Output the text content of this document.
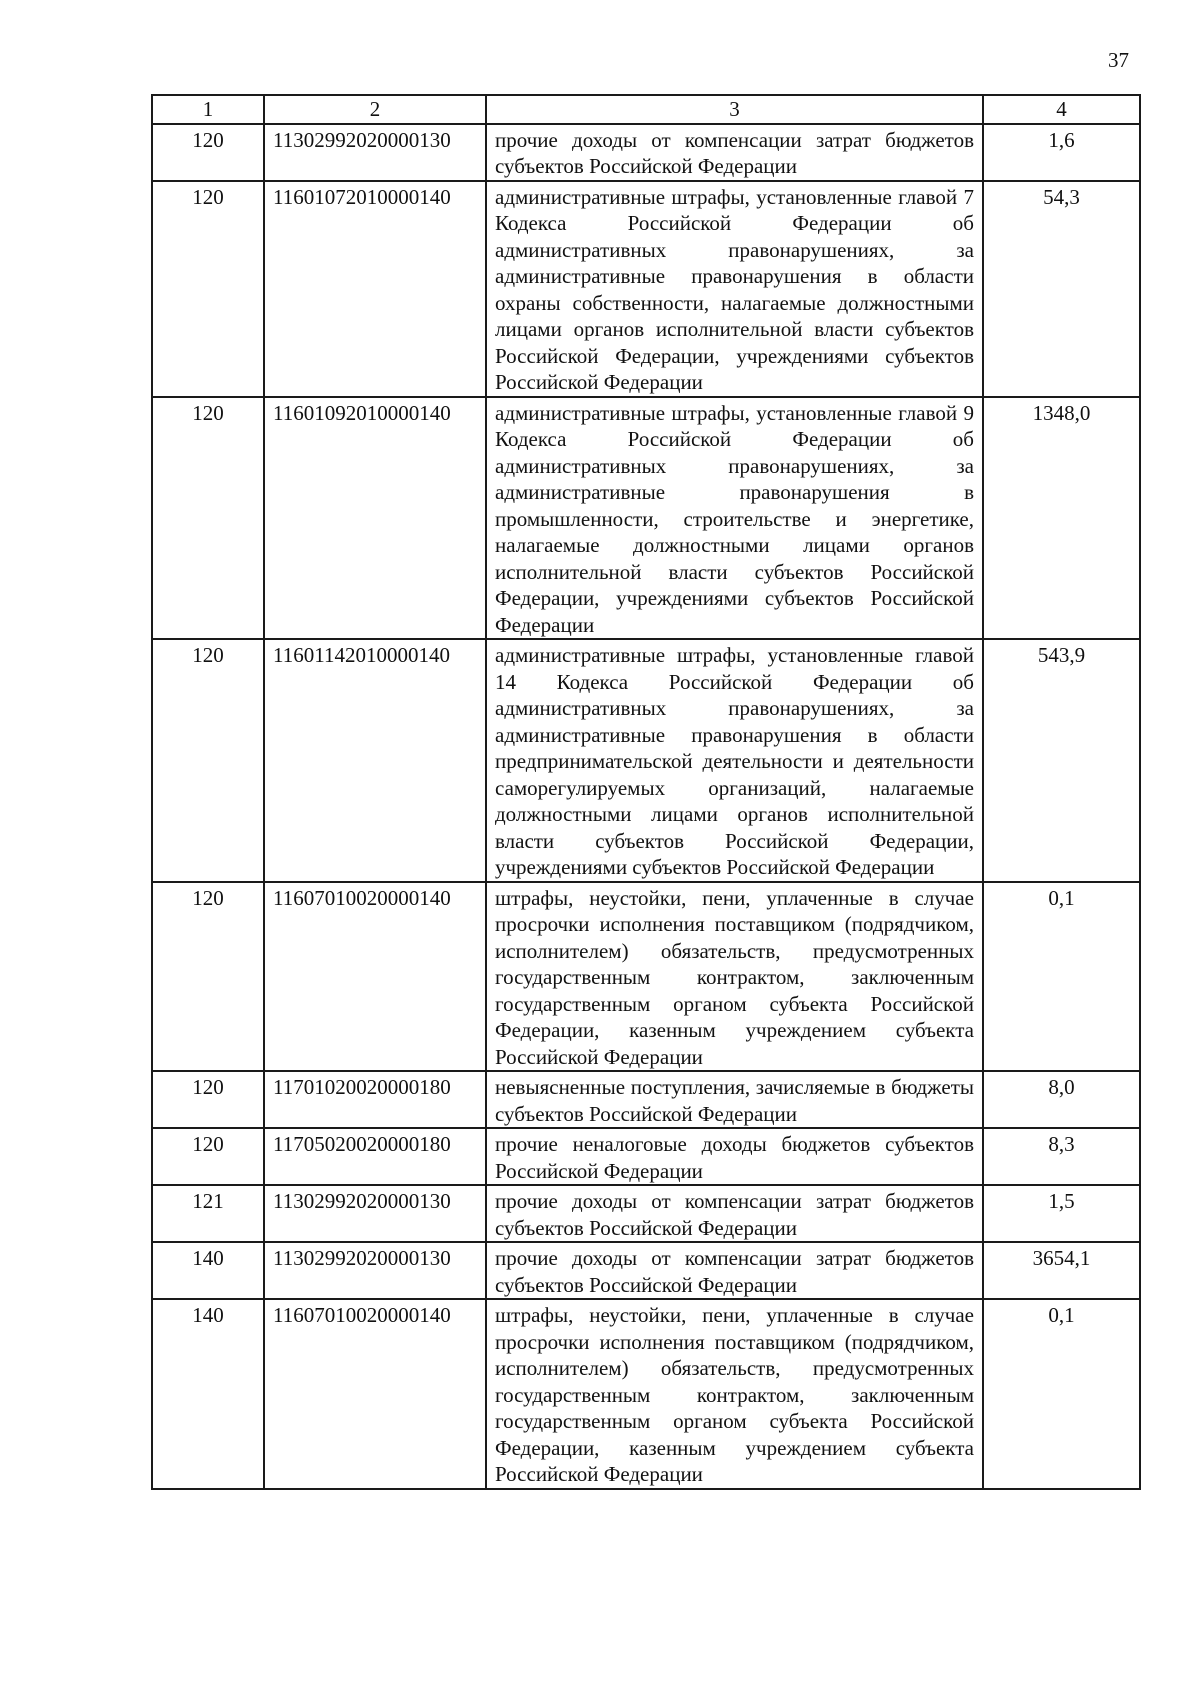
37
1	2	3	4
120	11302992020000130	прочие доходы от компенсации затрат бюджетов субъектов Российской Федерации	1,6
120	11601072010000140	административные штрафы, установленные главой 7 Кодекса Российской Федерации об административных правонарушениях, за административные правонарушения в области охраны собственности, налагаемые должностными лицами органов исполнительной власти субъектов Российской Федерации, учреждениями субъектов Российской Федерации	54,3
120	11601092010000140	административные штрафы, установленные главой 9 Кодекса Российской Федерации об административных правонарушениях, за административные правонарушения в промышленности, строительстве и энергетике, налагаемые должностными лицами органов исполнительной власти субъектов Российской Федерации, учреждениями субъектов Российской Федерации	1348,0
120	11601142010000140	административные штрафы, установленные главой 14 Кодекса Российской Федерации об административных правонарушениях, за административные правонарушения в области предпринимательской деятельности и деятельности саморегулируемых организаций, налагаемые должностными лицами органов исполнительной власти субъектов Российской Федерации, учреждениями субъектов Российской Федерации	543,9
120	11607010020000140	штрафы, неустойки, пени, уплаченные в случае просрочки исполнения поставщиком (подрядчиком, исполнителем) обязательств, предусмотренных государственным контрактом, заключенным государственным органом субъекта Российской Федерации, казенным учреждением субъекта Российской Федерации	0,1
120	11701020020000180	невыясненные поступления, зачисляемые в бюджеты субъектов Российской Федерации	8,0
120	11705020020000180	прочие неналоговые доходы бюджетов субъектов Российской Федерации	8,3
121	11302992020000130	прочие доходы от компенсации затрат бюджетов субъектов Российской Федерации	1,5
140	11302992020000130	прочие доходы от компенсации затрат бюджетов субъектов Российской Федерации	3654,1
140	11607010020000140	штрафы, неустойки, пени, уплаченные в случае просрочки исполнения поставщиком (подрядчиком, исполнителем) обязательств, предусмотренных государственным контрактом, заключенным государственным органом субъекта Российской Федерации, казенным учреждением субъекта Российской Федерации	0,1
